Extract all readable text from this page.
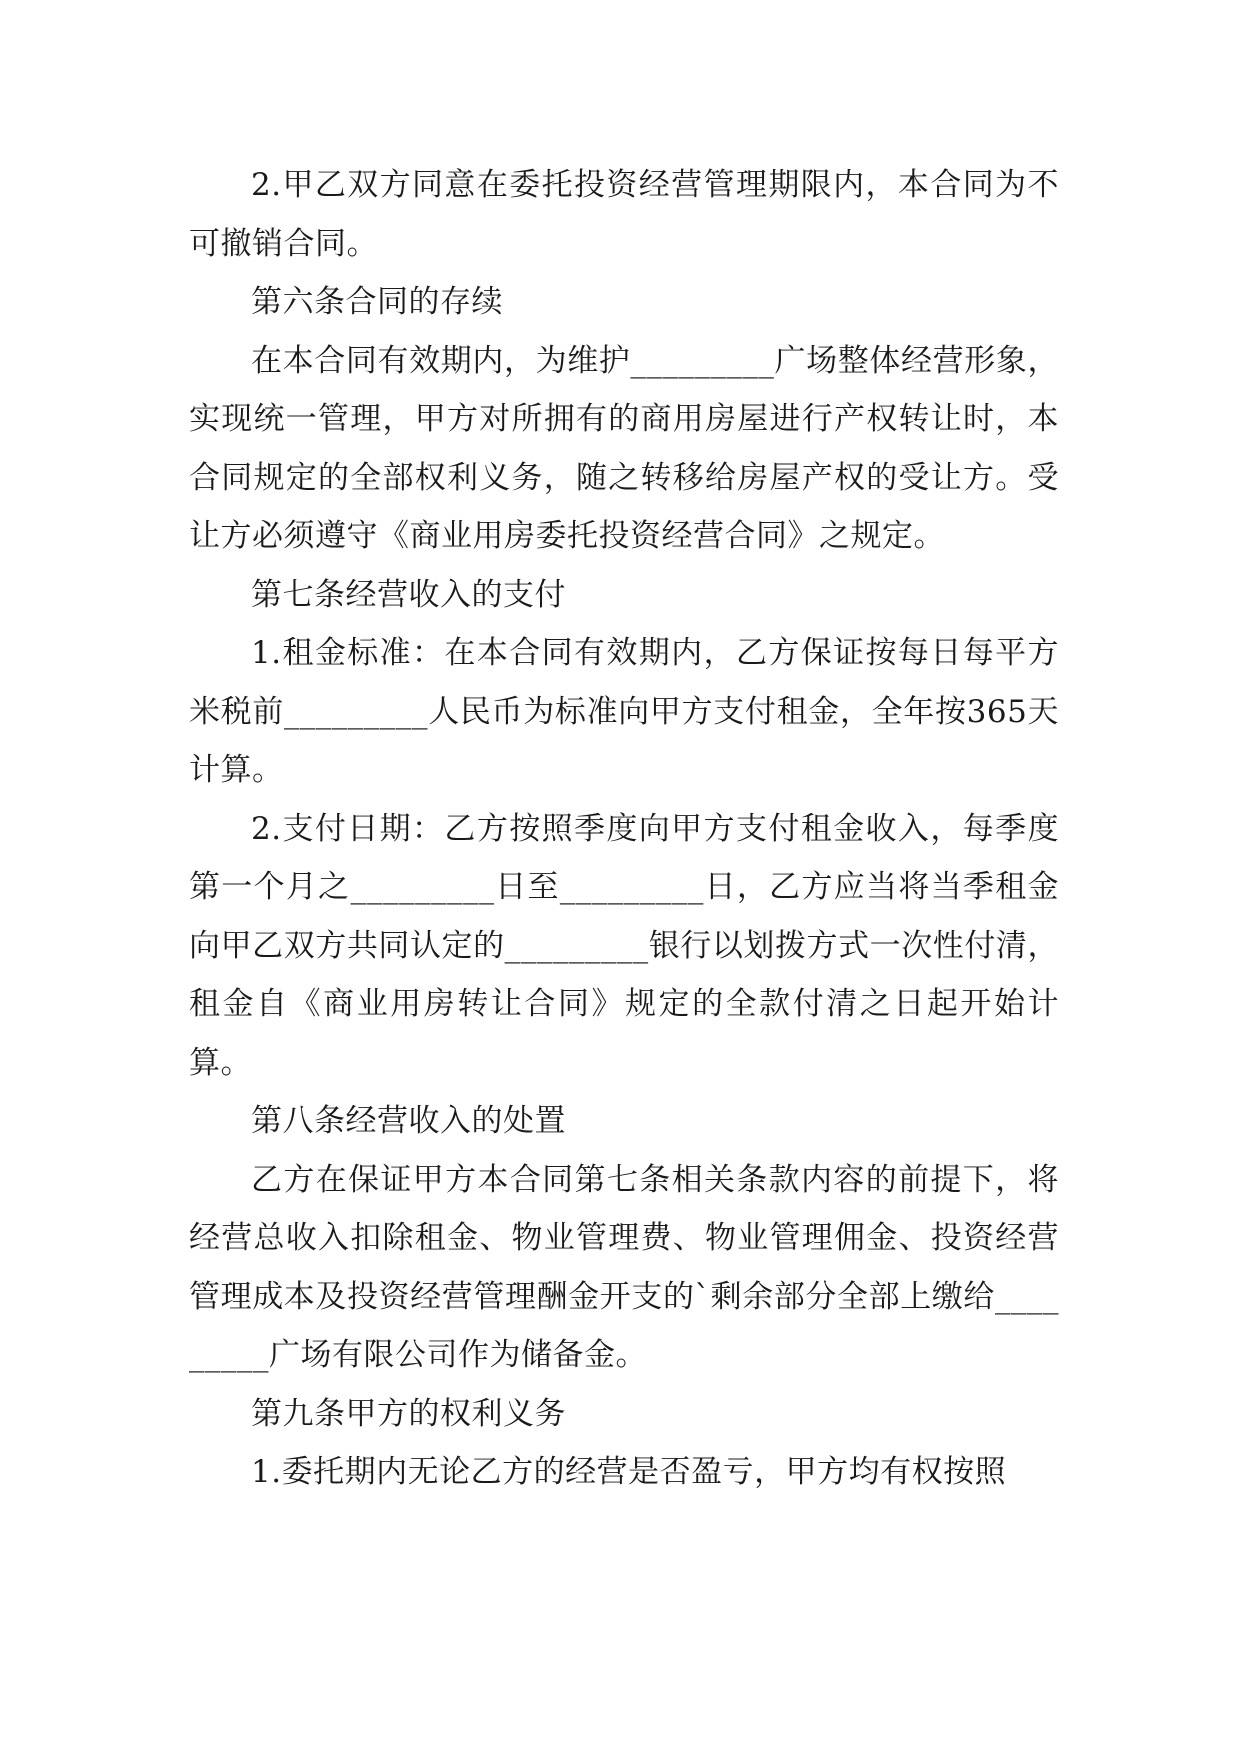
2.甲乙双方同意在委托投资经营管理期限内，本合同为不可撤销合同。

第六条合同的存续

在本合同有效期内，为维护_________广场整体经营形象，实现统一管理，甲方对所拥有的商用房屋进行产权转让时，本合同规定的全部权利义务，随之转移给房屋产权的受让方。受让方必须遵守《商业用房委托投资经营合同》之规定。

第七条经营收入的支付

1.租金标准：在本合同有效期内，乙方保证按每日每平方米税前_________人民币为标准向甲方支付租金，全年按365天计算。

2.支付日期：乙方按照季度向甲方支付租金收入，每季度第一个月之_________日至_________日，乙方应当将当季租金向甲乙双方共同认定的_________银行以划拨方式一次性付清，租金自《商业用房转让合同》规定的全款付清之日起开始计算。

第八条经营收入的处置

乙方在保证甲方本合同第七条相关条款内容的前提下，将经营总收入扣除租金、物业管理费、物业管理佣金、投资经营管理成本及投资经营管理酬金开支的`剩余部分全部上缴给_________广场有限公司作为储备金。

第九条甲方的权利义务

1.委托期内无论乙方的经营是否盈亏，甲方均有权按照
